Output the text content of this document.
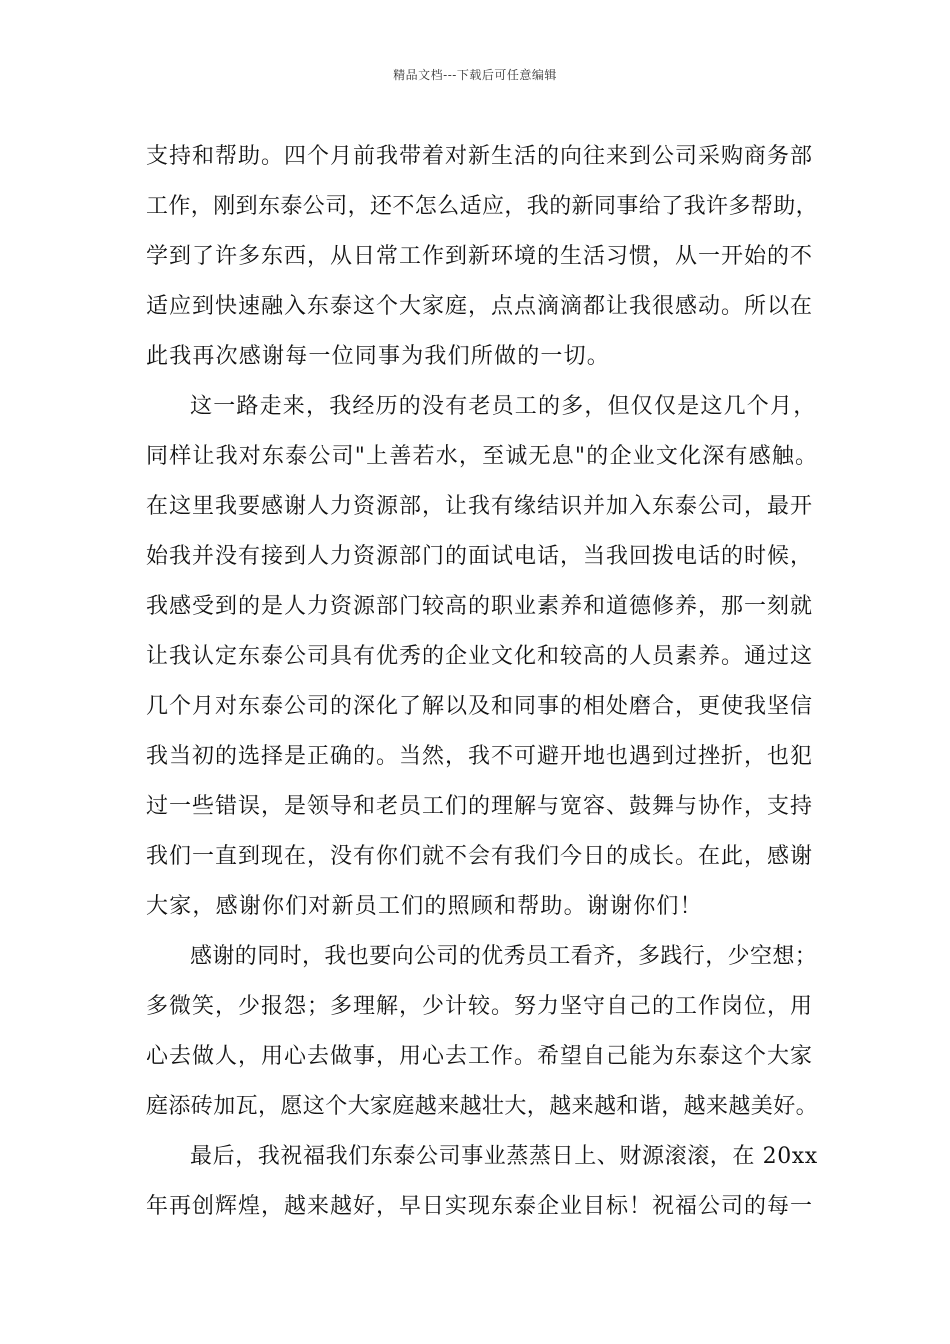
精品文档---下载后可任意编辑
支持和帮助。四个月前我带着对新生活的向往来到公司采购商务部
工作，刚到东泰公司，还不怎么适应，我的新同事给了我许多帮助，
学到了许多东西，从日常工作到新环境的生活习惯，从一开始的不
适应到快速融入东泰这个大家庭，点点滴滴都让我很感动。所以在
此我再次感谢每一位同事为我们所做的一切。
这一路走来，我经历的没有老员工的多，但仅仅是这几个月，
同样让我对东泰公司"上善若水，至诚无息"的企业文化深有感触。
在这里我要感谢人力资源部，让我有缘结识并加入东泰公司，最开
始我并没有接到人力资源部门的面试电话，当我回拨电话的时候，
我感受到的是人力资源部门较高的职业素养和道德修养，那一刻就
让我认定东泰公司具有优秀的企业文化和较高的人员素养。通过这
几个月对东泰公司的深化了解以及和同事的相处磨合，更使我坚信
我当初的选择是正确的。当然，我不可避开地也遇到过挫折，也犯
过一些错误，是领导和老员工们的理解与宽容、鼓舞与协作，支持
我们一直到现在，没有你们就不会有我们今日的成长。在此，感谢
大家，感谢你们对新员工们的照顾和帮助。谢谢你们！
感谢的同时，我也要向公司的优秀员工看齐，多践行，少空想；
多微笑，少报怨；多理解，少计较。努力坚守自己的工作岗位，用
心去做人，用心去做事，用心去工作。希望自己能为东泰这个大家
庭添砖加瓦，愿这个大家庭越来越壮大，越来越和谐，越来越美好。
最后，我祝福我们东泰公司事业蒸蒸日上、财源滚滚，在 20xx
年再创辉煌，越来越好，早日实现东泰企业目标！祝福公司的每一
